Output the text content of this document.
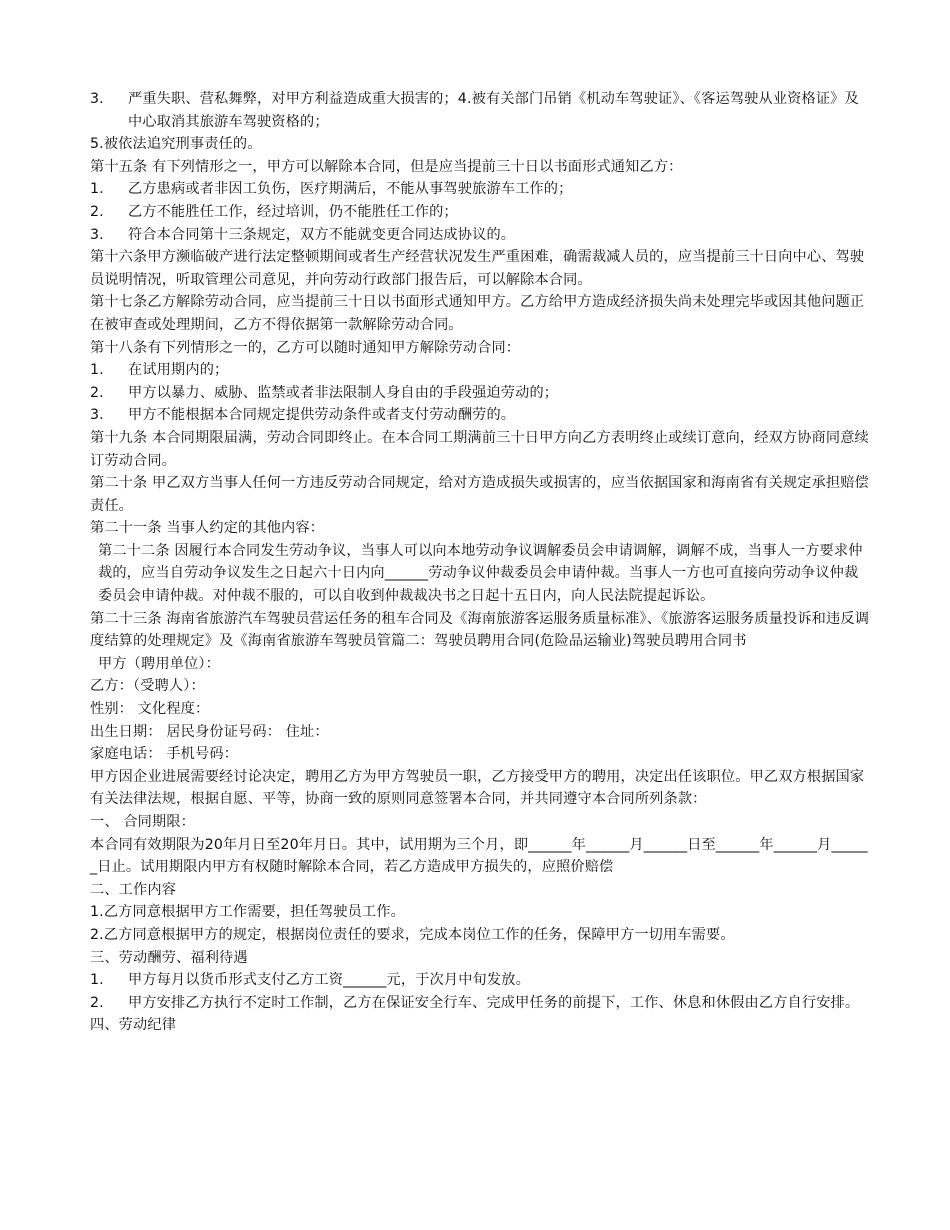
3.	严重失职、营私舞弊，对甲方利益造成重大损害的；4.被有关部门吊销《机动车驾驶证》、《客运驾驶从业资格证》及中心取消其旅游车驾驶资格的；

5.被依法追究刑事责任的。

第十五条 有下列情形之一，甲方可以解除本合同，但是应当提前三十日以书面形式通知乙方：

1.	乙方患病或者非因工负伤，医疗期满后，不能从事驾驶旅游车工作的；
2.	乙方不能胜任工作，经过培训，仍不能胜任工作的；
3.	符合本合同第十三条规定，双方不能就变更合同达成协议的。

第十六条甲方濒临破产进行法定整顿期间或者生产经营状况发生严重困难，确需裁减人员的，应当提前三十日向中心、驾驶员说明情况，听取管理公司意见，并向劳动行政部门报告后，可以解除本合同。

第十七条乙方解除劳动合同，应当提前三十日以书面形式通知甲方。乙方给甲方造成经济损失尚未处理完毕或因其他问题正在被审查或处理期间，乙方不得依据第一款解除劳动合同。

第十八条有下列情形之一的，乙方可以随时通知甲方解除劳动合同：

1.	在试用期内的；
2.	甲方以暴力、威胁、监禁或者非法限制人身自由的手段强迫劳动的；
3.	甲方不能根据本合同规定提供劳动条件或者支付劳动酬劳的。

第十九条 本合同期限届满，劳动合同即终止。在本合同工期满前三十日甲方向乙方表明终止或续订意向，经双方协商同意续订劳动合同。

第二十条 甲乙双方当事人任何一方违反劳动合同规定，给对方造成损失或损害的，应当依据国家和海南省有关规定承担赔偿责任。

第二十一条 当事人约定的其他内容：

第二十二条 因履行本合同发生劳动争议，当事人可以向本地劳动争议调解委员会申请调解，调解不成，当事人一方要求仲裁的，应当自劳动争议发生之日起六十日内向______劳动争议仲裁委员会申请仲裁。当事人一方也可直接向劳动争议仲裁委员会申请仲裁。对仲裁不服的，可以自收到仲裁裁决书之日起十五日内，向人民法院提起诉讼。

第二十三条 海南省旅游汽车驾驶员营运任务的租车合同及《海南旅游客运服务质量标准》、《旅游客运服务质量投诉和违反调度结算的处理规定》及《海南省旅游车驾驶员管篇二：驾驶员聘用合同(危险品运输业)驾驶员聘用合同书

甲方（聘用单位）：

乙方：（受聘人）：

性别： 文化程度：

出生日期： 居民身份证号码： 住址：

家庭电话： 手机号码：

甲方因企业进展需要经讨论决定，聘用乙方为甲方驾驶员一职，乙方接受甲方的聘用，决定出任该职位。甲乙双方根据国家有关法律法规，根据自愿、平等，协商一致的原则同意签署本合同，并共同遵守本合同所列条款：

一、 合同期限：

本合同有效期限为20年月日至20年月日。其中，试用期为三个月，即______年______月______日至______年______月______日止。试用期限内甲方有权随时解除本合同，若乙方造成甲方损失的，应照价赔偿

二、工作内容

1.乙方同意根据甲方工作需要，担任驾驶员工作。

2.乙方同意根据甲方的规定，根据岗位责任的要求，完成本岗位工作的任务，保障甲方一切用车需要。

三、劳动酬劳、福利待遇

1.	甲方每月以货币形式支付乙方工资______元，于次月中旬发放。
2.	甲方安排乙方执行不定时工作制，乙方在保证安全行车、完成甲任务的前提下，工作、休息和休假由乙方自行安排。

四、劳动纪律
